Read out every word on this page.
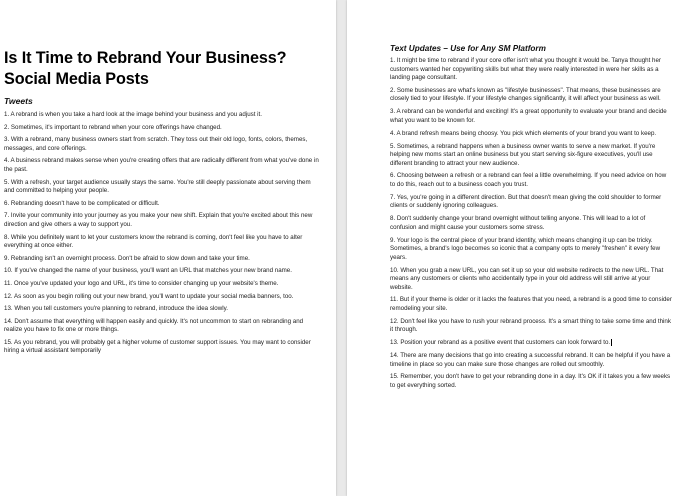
Is It Time to Rebrand Your Business? Social Media Posts
Tweets

1. A rebrand is when you take a hard look at the image behind your business and you adjust it.

2. Sometimes, it's important to rebrand when your core offerings have changed.

3. With a rebrand, many business owners start from scratch. They toss out their old logo, fonts, colors, themes, messages, and core offerings.

4. A business rebrand makes sense when you're creating offers that are radically different from what you've done in the past.

5. With a refresh, your target audience usually stays the same. You're still deeply passionate about serving them and committed to helping your people.

6. Rebranding doesn't have to be complicated or difficult.

7. Invite your community into your journey as you make your new shift. Explain that you're excited about this new direction and give others a way to support you.

8. While you definitely want to let your customers know the rebrand is coming, don't feel like you have to alter everything at once either.

9. Rebranding isn't an overnight process. Don't be afraid to slow down and take your time.

10. If you've changed the name of your business, you'll want an URL that matches your new brand name.

11. Once you've updated your logo and URL, it's time to consider changing up your website's theme.

12. As soon as you begin rolling out your new brand, you'll want to update your social media banners, too.

13. When you tell customers you're planning to rebrand, introduce the idea slowly.

14. Don't assume that everything will happen easily and quickly. It's not uncommon to start on rebranding and realize you have to fix one or more things.

15. As you rebrand, you will probably get a higher volume of customer support issues. You may want to consider hiring a virtual assistant temporarily

Text Updates – Use for Any SM Platform

1. It might be time to rebrand if your core offer isn't what you thought it would be. Tanya thought her customers wanted her copywriting skills but what they were really interested in were her skills as a landing page consultant.

2. Some businesses are what's known as "lifestyle businesses". That means, these businesses are closely tied to your lifestyle. If your lifestyle changes significantly, it will affect your business as well.

3. A rebrand can be wonderful and exciting! It's a great opportunity to evaluate your brand and decide what you want to be known for.

4. A brand refresh means being choosy. You pick which elements of your brand you want to keep.

5. Sometimes, a rebrand happens when a business owner wants to serve a new market. If you're helping new moms start an online business but you start serving six-figure executives, you'll use different branding to attract your new audience.

6. Choosing between a refresh or a rebrand can feel a little overwhelming. If you need advice on how to do this, reach out to a business coach you trust.

7. Yes, you're going in a different direction. But that doesn't mean giving the cold shoulder to former clients or suddenly ignoring colleagues.

8. Don't suddenly change your brand overnight without telling anyone. This will lead to a lot of confusion and might cause your customers some stress.

9. Your logo is the central piece of your brand identity, which means changing it up can be tricky. Sometimes, a brand's logo becomes so iconic that a company opts to merely "freshen" it every few years.

10. When you grab a new URL, you can set it up so your old website redirects to the new URL. That means any customers or clients who accidentally type in your old address will still arrive at your website.

11. But if your theme is older or it lacks the features that you need, a rebrand is a good time to consider remodeling your site.

12. Don't feel like you have to rush your rebrand process. It's a smart thing to take some time and think it through.

13. Position your rebrand as a positive event that customers can look forward to.

14. There are many decisions that go into creating a successful rebrand. It can be helpful if you have a timeline in place so you can make sure those changes are rolled out smoothly.

15. Remember, you don't have to get your rebranding done in a day. It's OK if it takes you a few weeks to get everything sorted.
